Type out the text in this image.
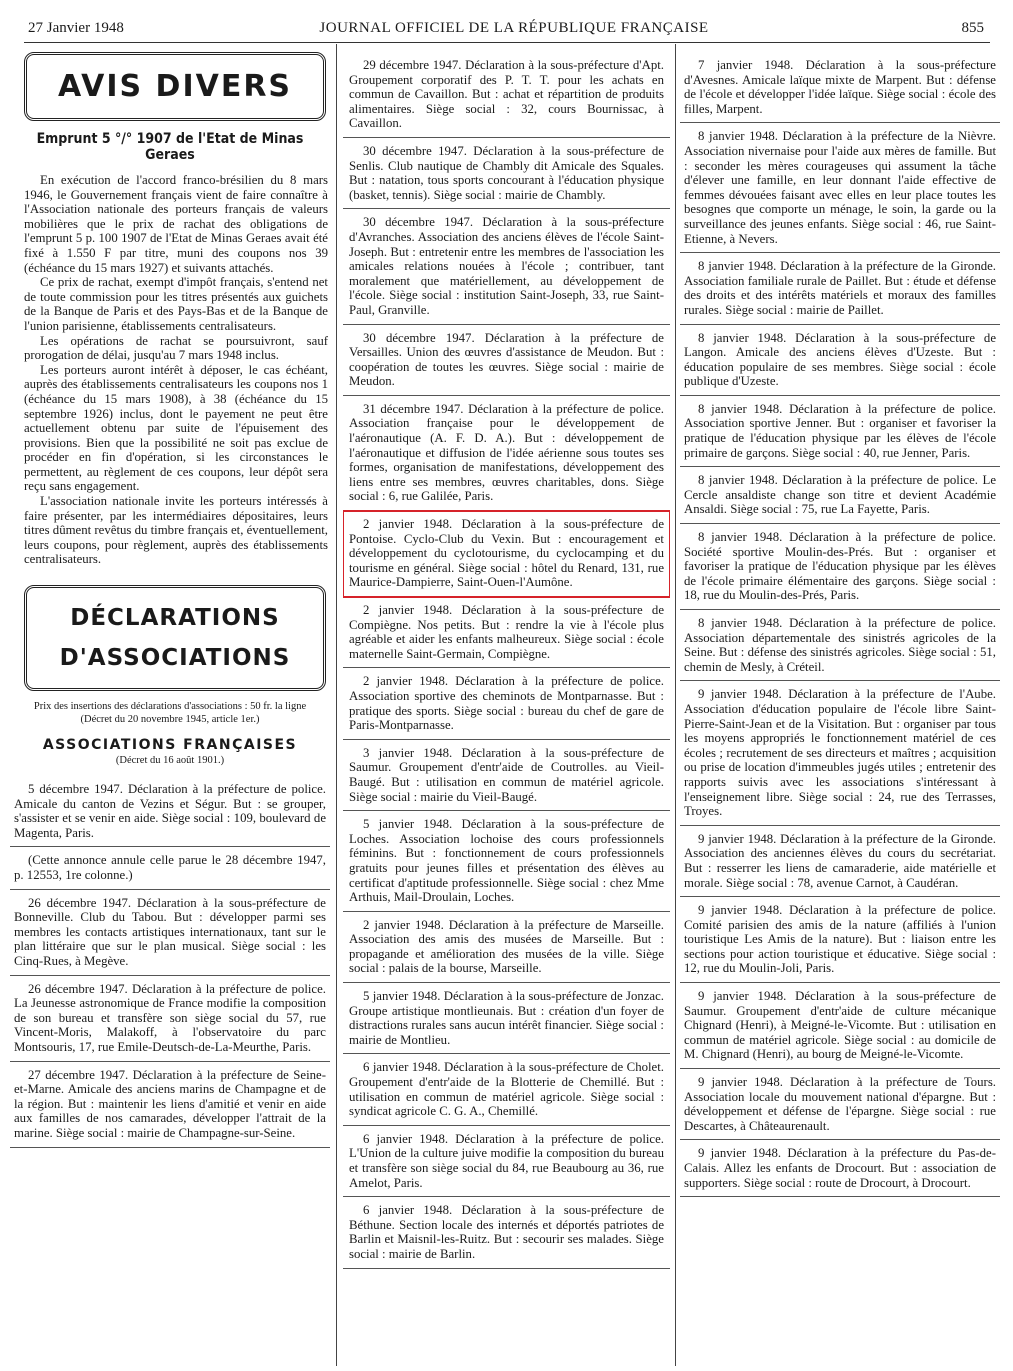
27 Janvier 1948	JOURNAL OFFICIEL DE LA RÉPUBLIQUE FRANÇAISE	855
AVIS DIVERS
Emprunt 5 °/° 1907 de l'Etat de Minas Geraes
En exécution de l'accord franco-brésilien du 8 mars 1946, le Gouvernement français vient de faire connaître à l'Association nationale des porteurs français de valeurs mobilières que le prix de rachat des obligations de l'emprunt 5 p. 100 1907 de l'Etat de Minas Geraes avait été fixé à 1.550 F par titre, muni des coupons nos 39 (échéance du 15 mars 1927) et suivants attachés.
Ce prix de rachat, exempt d'impôt français, s'entend net de toute commission pour les titres présentés aux guichets de la Banque de Paris et des Pays-Bas et de la Banque de l'union parisienne, établissements centralisateurs.
Les opérations de rachat se poursuivront, sauf prorogation de délai, jusqu'au 7 mars 1948 inclus.
Les porteurs auront intérêt à déposer, le cas échéant, auprès des établissements centralisateurs les coupons nos 1 (échéance du 15 mars 1908), à 38 (échéance du 15 septembre 1926) inclus, dont le payement ne peut être actuellement obtenu par suite de l'épuisement des provisions. Bien que la possibilité ne soit pas exclue de procéder en fin d'opération, si les circonstances le permettent, au règlement de ces coupons, leur dépôt sera reçu sans engagement.
L'association nationale invite les porteurs intéressés à faire présenter, par les intermédiaires dépositaires, leurs titres dûment revêtus du timbre français et, éventuellement, leurs coupons, pour règlement, auprès des établissements centralisateurs.
DÉCLARATIONS
D'ASSOCIATIONS
Prix des insertions des déclarations d'associations : 50 fr. la ligne
(Décret du 20 novembre 1945, article 1er.)
ASSOCIATIONS FRANÇAISES
(Décret du 16 août 1901.)
5 décembre 1947. Déclaration à la préfecture de police. Amicale du canton de Vezins et Ségur. But : se grouper, s'assister et se venir en aide. Siège social : 109, boulevard de Magenta, Paris.
(Cette annonce annule celle parue le 28 décembre 1947, p. 12553, 1re colonne.)
26 décembre 1947. Déclaration à la sous-préfecture de Bonneville. Club du Tabou. But : développer parmi ses membres les contacts artistiques internationaux, tant sur le plan littéraire que sur le plan musical. Siège social : les Cinq-Rues, à Megève.
26 décembre 1947. Déclaration à la préfecture de police. La Jeunesse astronomique de France modifie la composition de son bureau et transfère son siège social du 57, rue Vincent-Moris, Malakoff, à l'observatoire du parc Montsouris, 17, rue Emile-Deutsch-de-La-Meurthe, Paris.
27 décembre 1947. Déclaration à la préfecture de Seine-et-Marne. Amicale des anciens marins de Champagne et de la région. But : maintenir les liens d'amitié et venir en aide aux familles de nos camarades, développer l'attrait de la marine. Siège social : mairie de Champagne-sur-Seine.
29 décembre 1947. Déclaration à la sous-préfecture d'Apt. Groupement corporatif des P. T. T. pour les achats en commun de Cavaillon. But : achat et répartition de produits alimentaires. Siège social : 32, cours Bournissac, à Cavaillon.
30 décembre 1947. Déclaration à la sous-préfecture de Senlis. Club nautique de Chambly dit Amicale des Squales. But : natation, tous sports concourant à l'éducation physique (basket, tennis). Siège social : mairie de Chambly.
30 décembre 1947. Déclaration à la sous-préfecture d'Avranches. Association des anciens élèves de l'école Saint-Joseph. But : entretenir entre les membres de l'association les amicales relations nouées à l'école ; contribuer, tant moralement que matériellement, au développement de l'école. Siège social : institution Saint-Joseph, 33, rue Saint-Paul, Granville.
30 décembre 1947. Déclaration à la préfecture de Versailles. Union des œuvres d'assistance de Meudon. But : coopération de toutes les œuvres. Siège social : mairie de Meudon.
31 décembre 1947. Déclaration à la préfecture de police. Association française pour le développement de l'aéronautique (A. F. D. A.). But : développement de l'aéronautique et diffusion de l'idée aérienne sous toutes ses formes, organisation de manifestations, développement des liens entre ses membres, œuvres charitables, dons. Siège social : 6, rue Galilée, Paris.
2 janvier 1948. Déclaration à la sous-préfecture de Pontoise. Cyclo-Club du Vexin. But : encouragement et développement du cyclotourisme, du cyclocamping et du tourisme en général. Siège social : hôtel du Renard, 131, rue Maurice-Dampierre, Saint-Ouen-l'Aumône.
2 janvier 1948. Déclaration à la sous-préfecture de Compiègne. Nos petits. But : rendre la vie à l'école plus agréable et aider les enfants malheureux. Siège social : école maternelle Saint-Germain, Compiègne.
2 janvier 1948. Déclaration à la préfecture de police. Association sportive des cheminots de Montparnasse. But : pratique des sports. Siège social : bureau du chef de gare de Paris-Montparnasse.
3 janvier 1948. Déclaration à la sous-préfecture de Saumur. Groupement d'entr'aide de Coutrolles. au Vieil-Baugé. But : utilisation en commun de matériel agricole. Siège social : mairie du Vieil-Baugé.
5 janvier 1948. Déclaration à la sous-préfecture de Loches. Association lochoise des cours professionnels féminins. But : fonctionnement de cours professionnels gratuits pour jeunes filles et présentation des élèves au certificat d'aptitude professionnelle. Siège social : chez Mme Arthuis, Mail-Droulain, Loches.
2 janvier 1948. Déclaration à la préfecture de Marseille. Association des amis des musées de Marseille. But : propagande et amélioration des musées de la ville. Siège social : palais de la bourse, Marseille.
5 janvier 1948. Déclaration à la sous-préfecture de Jonzac. Groupe artistique montlieunais. But : création d'un foyer de distractions rurales sans aucun intérêt financier. Siège social : mairie de Montlieu.
6 janvier 1948. Déclaration à la sous-préfecture de Cholet. Groupement d'entr'aide de la Blotterie de Chemillé. But : utilisation en commun de matériel agricole. Siège social : syndicat agricole C. G. A., Chemillé.
6 janvier 1948. Déclaration à la préfecture de police. L'Union de la culture juive modifie la composition du bureau et transfère son siège social du 84, rue Beaubourg au 36, rue Amelot, Paris.
6 janvier 1948. Déclaration à la sous-préfecture de Béthune. Section locale des internés et déportés patriotes de Barlin et Maisnil-les-Ruitz. But : secourir ses malades. Siège social : mairie de Barlin.
7 janvier 1948. Déclaration à la sous-préfecture d'Avesnes. Amicale laïque mixte de Marpent. But : défense de l'école et développer l'idée laïque. Siège social : école des filles, Marpent.
8 janvier 1948. Déclaration à la préfecture de la Nièvre. Association nivernaise pour l'aide aux mères de famille. But : seconder les mères courageuses qui assument la tâche d'élever une famille, en leur donnant l'aide effective de femmes dévouées faisant avec elles en leur place toutes les besognes que comporte un ménage, le soin, la garde ou la surveillance des jeunes enfants. Siège social : 46, rue Saint-Etienne, à Nevers.
8 janvier 1948. Déclaration à la préfecture de la Gironde. Association familiale rurale de Paillet. But : étude et défense des droits et des intérêts matériels et moraux des familles rurales. Siège social : mairie de Paillet.
8 janvier 1948. Déclaration à la sous-préfecture de Langon. Amicale des anciens élèves d'Uzeste. But : éducation populaire de ses membres. Siège social : école publique d'Uzeste.
8 janvier 1948. Déclaration à la préfecture de police. Association sportive Jenner. But : organiser et favoriser la pratique de l'éducation physique par les élèves de l'école primaire de garçons. Siège social : 40, rue Jenner, Paris.
8 janvier 1948. Déclaration à la préfecture de police. Le Cercle ansaldiste change son titre et devient Académie Ansaldi. Siège social : 75, rue La Fayette, Paris.
8 janvier 1948. Déclaration à la préfecture de police. Société sportive Moulin-des-Prés. But : organiser et favoriser la pratique de l'éducation physique par les élèves de l'école primaire élémentaire des garçons. Siège social : 18, rue du Moulin-des-Prés, Paris.
8 janvier 1948. Déclaration à la préfecture de police. Association départementale des sinistrés agricoles de la Seine. But : défense des sinistrés agricoles. Siège social : 51, chemin de Mesly, à Créteil.
9 janvier 1948. Déclaration à la préfecture de l'Aube. Association d'éducation populaire de l'école libre Saint-Pierre-Saint-Jean et de la Visitation. But : organiser par tous les moyens appropriés le fonctionnement matériel de ces écoles ; recrutement de ses directeurs et maîtres ; acquisition ou prise de location d'immeubles jugés utiles ; entretenir des rapports suivis avec les associations s'intéressant à l'enseignement libre. Siège social : 24, rue des Terrasses, Troyes.
9 janvier 1948. Déclaration à la préfecture de la Gironde. Association des anciennes élèves du cours du secrétariat. But : resserrer les liens de camaraderie, aide matérielle et morale. Siège social : 78, avenue Carnot, à Caudéran.
9 janvier 1948. Déclaration à la préfecture de police. Comité parisien des amis de la nature (affiliés à l'union touristique Les Amis de la nature). But : liaison entre les sections pour action touristique et éducative. Siège social : 12, rue du Moulin-Joli, Paris.
9 janvier 1948. Déclaration à la sous-préfecture de Saumur. Groupement d'entr'aide de culture mécanique Chignard (Henri), à Meigné-le-Vicomte. But : utilisation en commun de matériel agricole. Siège social : au domicile de M. Chignard (Henri), au bourg de Meigné-le-Vicomte.
9 janvier 1948. Déclaration à la préfecture de Tours. Association locale du mouvement national d'épargne. But : développement et défense de l'épargne. Siège social : rue Descartes, à Châteaurenault.
9 janvier 1948. Déclaration à la préfecture du Pas-de-Calais. Allez les enfants de Drocourt. But : association de supporters. Siège social : route de Drocourt, à Drocourt.
